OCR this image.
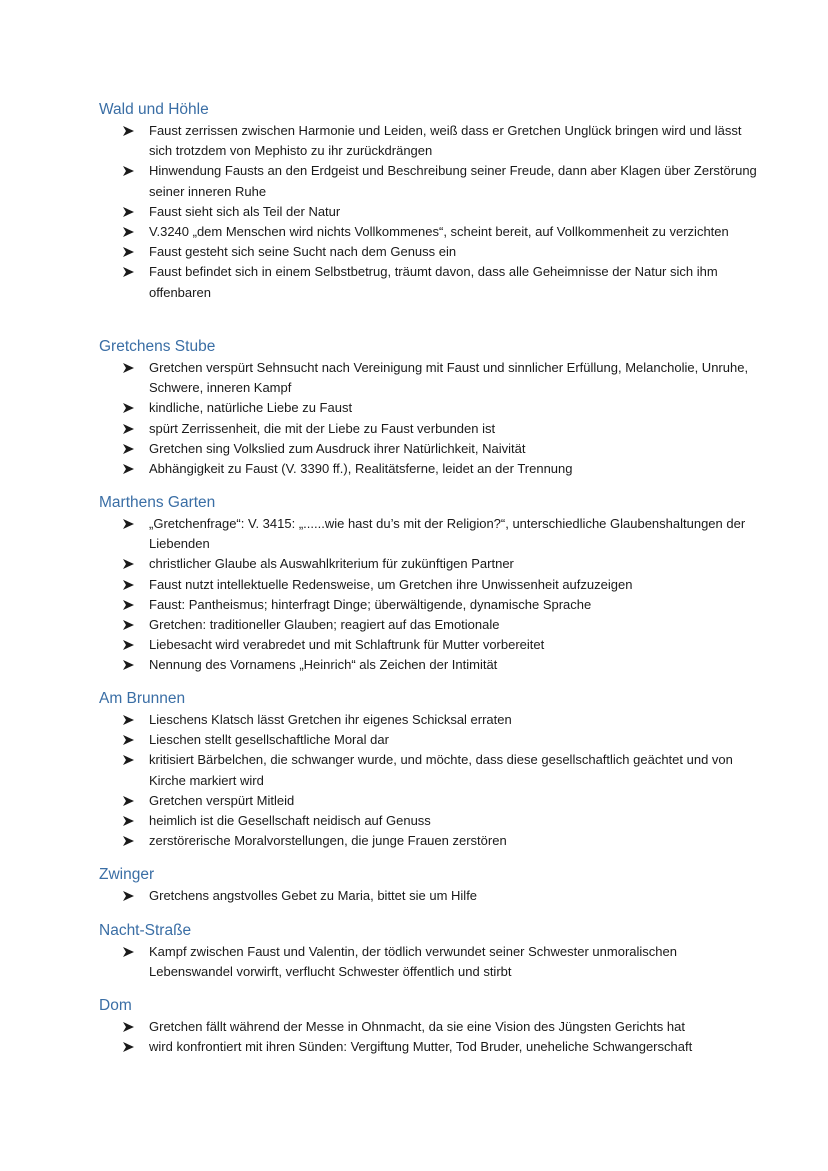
Wald und Höhle
Faust zerrissen zwischen Harmonie und Leiden, weiß dass er Gretchen Unglück bringen wird und lässt sich trotzdem von Mephisto zu ihr zurückdrängen
Hinwendung Fausts an den Erdgeist und Beschreibung seiner Freude, dann aber Klagen über Zerstörung seiner inneren Ruhe
Faust sieht sich als Teil der Natur
V.3240 „dem Menschen wird nichts Vollkommenes“, scheint bereit, auf Vollkommenheit zu verzichten
Faust gesteht sich seine Sucht nach dem Genuss ein
Faust befindet sich in einem Selbstbetrug, träumt davon, dass alle Geheimnisse der Natur sich ihm offenbaren
Gretchens Stube
Gretchen verspürt Sehnsucht nach Vereinigung mit Faust und sinnlicher Erfüllung, Melancholie, Unruhe, Schwere, inneren Kampf
kindliche, natürliche Liebe zu Faust
spürt Zerrissenheit, die mit der Liebe zu Faust verbunden ist
Gretchen sing Volkslied zum Ausdruck ihrer Natürlichkeit, Naivität
Abhängigkeit zu Faust (V. 3390 ff.), Realitätsferne, leidet an der Trennung
Marthens Garten
„Gretchenfrage“: V. 3415: „......wie hast du’s mit der Religion?“, unterschiedliche Glaubenshaltungen der Liebenden
christlicher Glaube als Auswahlkriterium für zukünftigen Partner
Faust nutzt intellektuelle Redensweise, um Gretchen ihre Unwissenheit aufzuzeigen
Faust: Pantheismus; hinterfragt Dinge; überwältigende, dynamische Sprache
Gretchen: traditioneller Glauben; reagiert auf das Emotionale
Liebesacht wird verabredet und mit Schlaftrunk für Mutter vorbereitet
Nennung des Vornamens „Heinrich“ als Zeichen der Intimität
Am Brunnen
Lieschens Klatsch lässt Gretchen ihr eigenes Schicksal erraten
Lieschen stellt gesellschaftliche Moral dar
kritisiert Bärbelchen, die schwanger wurde, und möchte, dass diese gesellschaftlich geächtet und von Kirche markiert wird
Gretchen verspürt Mitleid
heimlich ist die Gesellschaft neidisch auf Genuss
zerstörerische Moralvorstellungen, die junge Frauen zerstören
Zwinger
Gretchens angstvolles Gebet zu Maria, bittet sie um Hilfe
Nacht-Straße
Kampf zwischen Faust und Valentin, der tödlich verwundet seiner Schwester unmoralischen Lebenswandel vorwirft, verflucht Schwester öffentlich und stirbt
Dom
Gretchen fällt während der Messe in Ohnmacht, da sie eine Vision des Jüngsten Gerichts hat
wird konfrontiert mit ihren Sünden: Vergiftung Mutter, Tod Bruder, uneheliche Schwangerschaft
